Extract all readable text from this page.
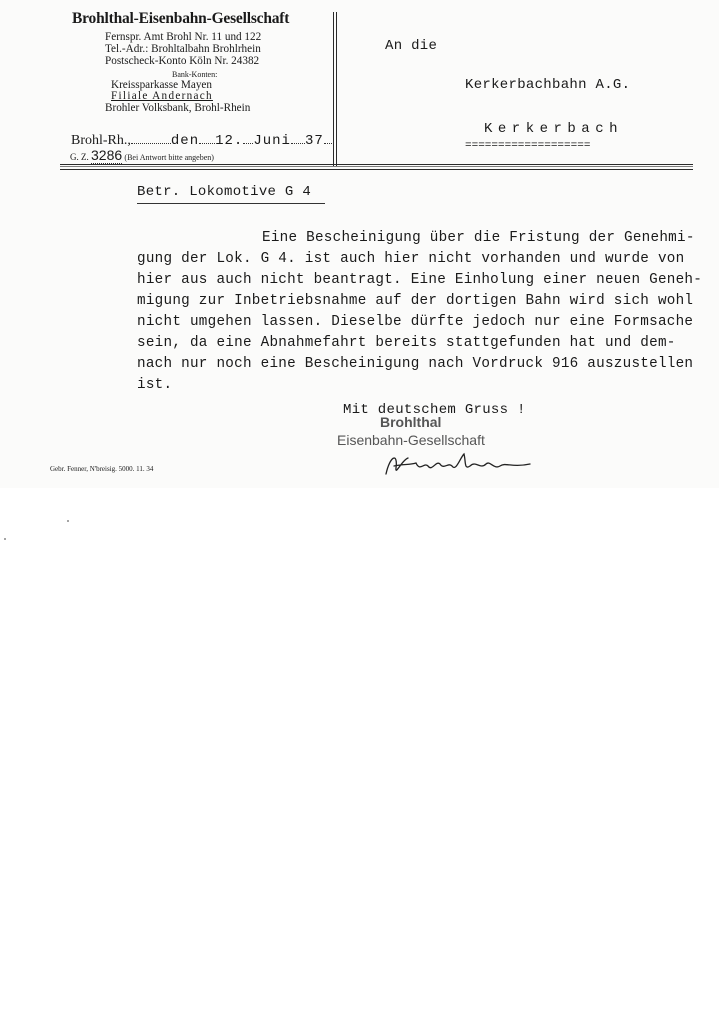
Brohlthal‑Eisenbahn‑Gesellschaft
Fernspr. Amt Brohl Nr. 11 und 122
Tel.‑Adr.: Brohltalbahn Brohlrhein
Postscheck‑Konto Köln Nr. 24382
Bank‑Konten:
Kreissparkasse Mayen
Filiale Andernach
Brohler Volksbank, Brohl‑Rhein
Brohl‑Rh.,	den 12. Juni 37
G. Z. 3286 (Bei Antwort bitte angeben)
An die
Kerkerbachbahn A.G.
Kerkerbach
===================
Betr. Lokomotive G 4
Eine Bescheinigung über die Fristung der Genehmi-
gung der Lok. G 4. ist auch hier nicht vorhanden und wurde von
hier aus auch nicht beantragt. Eine Einholung einer neuen Geneh-
migung zur Inbetriebsnahme auf der dortigen Bahn wird sich wohl
nicht umgehen lassen. Dieselbe dürfte jedoch nur eine Formsache
sein, da eine Abnahmefahrt bereits stattgefunden hat und dem-
nach nur noch eine Bescheinigung nach Vordruck 916 auszustellen
ist.
Mit deutschem Gruss !
Brohlthal
Eisenbahn-Gesellschaft
Gebr. Fenner, N'breisig. 5000. 11. 34
